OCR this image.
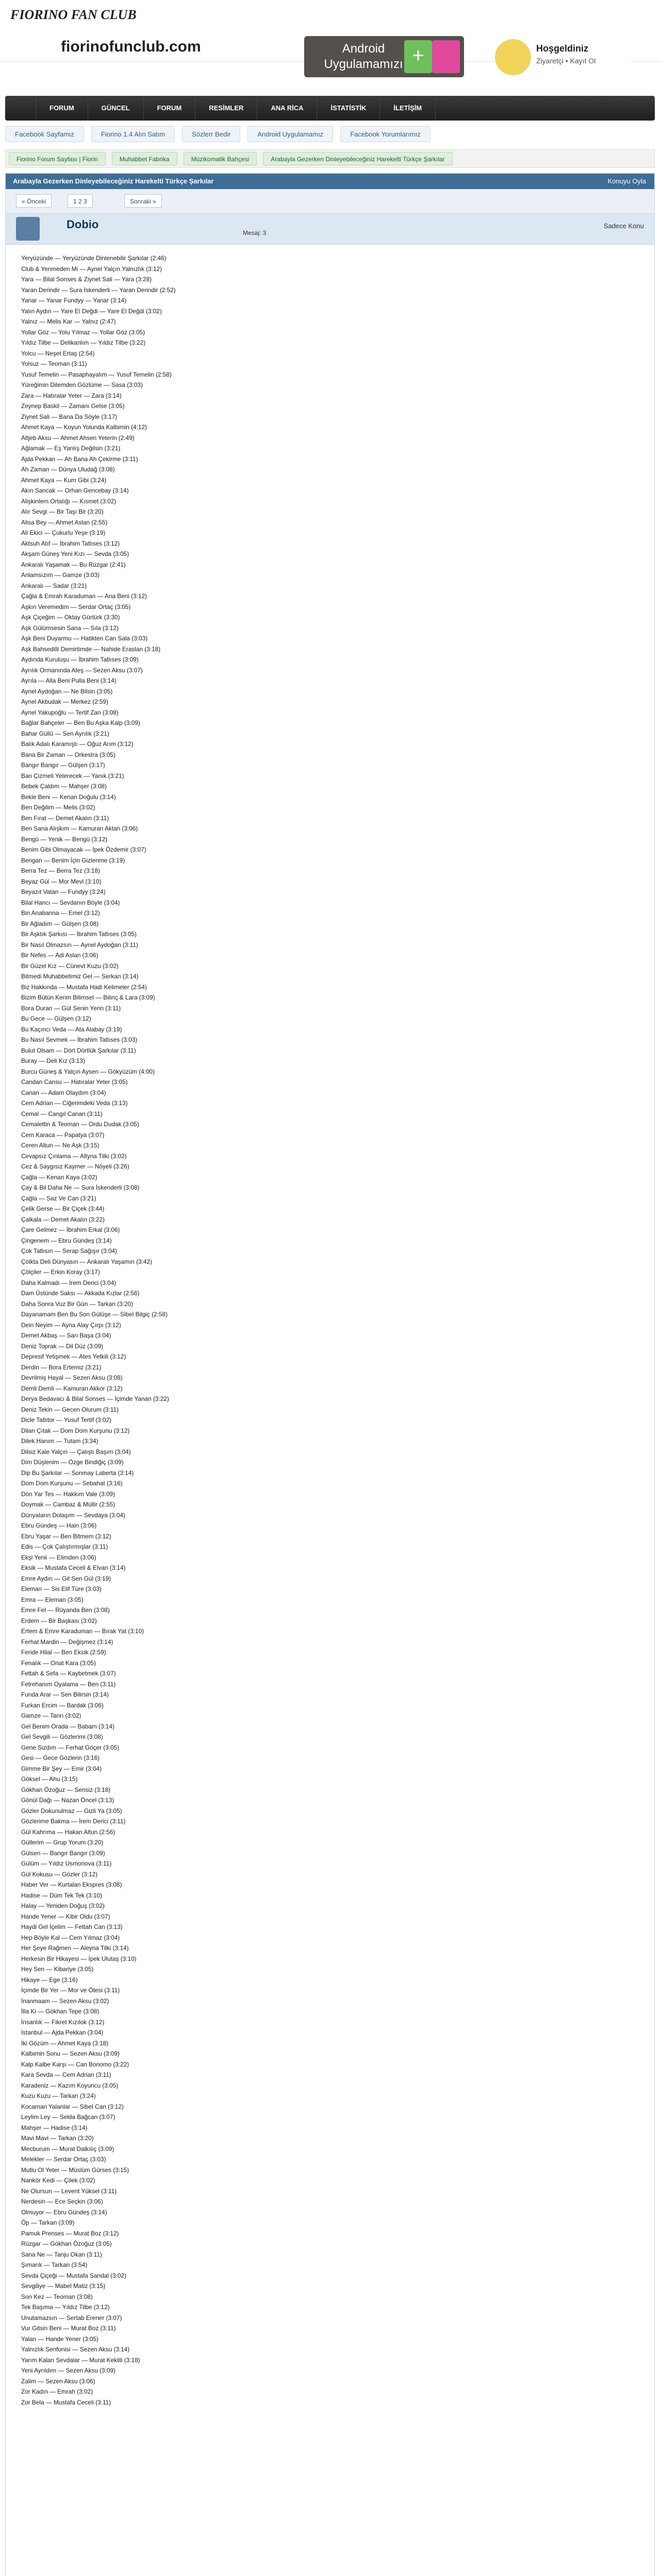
FIORINO FAN CLUB
fiorinofunclub.com	Android Uygulamamızı +	Hoşgeldiniz
Ziyaretçi • Kayıt Ol
FORUM	GÜNCEL	FORUM	RESİMLER	ANA RİCA	İSTATİSTİK	İLETİŞİM
Facebook Sayfamız	Fiorino 1.4 Alın Satım	Sözlerr Bedir	Android Uygulamamız	Facebook Yorumlarımız
Fiorino Forum Sayfası | Fiorin	Muhabbet Fabrika	Müzikomatik Bahçesi	Arabayla Gezerken Dinleyebileceğiniz Harekelti Türkçe Şarkılar
Arabayla Gezerken Dinleyebileceğiniz Harekelti Türkçe Şarkılar	Konuyu Oyla
« Önceki	1 2 3	Sonraki »
Dobio
Mesaj: 3
Sadece Konu
Yeryüzünde — Yeryüzünde Dinlenebilir Şarkılar (2:46)
Club & Yenmeden Mi — Aynel Yalçın Yalnızlık (3:12)
Yara — Bilal Sonses & Ziynet Sali — Yara (3:28)
Yaran Derindir — Sura İskenderli — Yaran Derindir (2:52)
Yanar — Yanar Fundyy — Yanar (3:14)
Yalın Aydın — Yare El Değdi — Yare El Değdi (3:02)
Yalnız — Melis Kar — Yalnız (2:47)
Yollar Göz — Yolu Yılmaz — Yollar Göz (3:05)
Yıldız Tilbe — Delikanlım — Yıldız Tilbe (3:22)
Yolcu — Neşet Ertaş (2:54)
Yolsuz — Teoman (3:11)
Yusuf Temelin — Pasaphayalım — Yusuf Temelin (2:58)
Yüreğimin Dilemden Gözlüme — Sasa (3:03)
Zara — Hatıralar Yeter — Zara (3:14)
Zeynep Baskil — Zamanı Gelse (3:05)
Ziynet Sali — Bana Da Söyle (3:17)
Ahmet Kaya — Koyun Yolunda Kalbimin (4:12)
Altjeb Aksu — Ahmet Ahsen Yeterin (2:49)
Ağlamak — Eş Yanlış Değilsin (3:21)
Ajda Pekkan — Ah Bana Ah Çekirme (3:11)
Ah Zaman — Dünya Uludağ (3:08)
Ahmet Kaya — Kum Gibi (3:24)
Akın Sancak — Orhan Gencebay (3:14)
Alişkinlem Ortalığı — Kısmet (3:02)
Alır Sevgi — Bir Taşı Bir (3:20)
Alisa Bey — Ahmet Aslan (2:55)
Ali Ekici — Çukurlu Yeşe (3:19)
Aktsuh Atıf — İbrahim Tatlıses (3:12)
Akşam Güneş Yeni Kızı — Sevda (3:05)
Ankaralı Yaşamak — Bu Rüzgar (2:41)
Anlamsızım — Gamze (3:03)
Ankaralı — Sadar (3:21)
Çağla & Emrah Karaduman — Ana Beni (3:12)
Aşkın Veremedim — Serdar Ortaç (3:05)
Aşk Çiçeğim — Oktay Gürtürk (3:30)
Aşk Gülümsesin Sana — Sıla (3:12)
Aşk Beni Duyarmu — Hatikten Can Sala (3:03)
Aşk Bahsedilli Demirtimde — Nahide Eraslan (3:18)
Aydında Kuruluşu — İbrahim Tatlıses (3:09)
Ayrılık Ormanında Ateş — Sezen Aksu (3:07)
Ayrıla — Alla Beni Pulla Beni (3:14)
Aynel Aydoğan — Ne Bilsin (3:05)
Aynel Akbudak — Merkez (2:59)
Aynel Yakupoğlu — Tertif Zan (3:08)
Bağlar Bahçeler — Ben Bu Aşka Kalp (3:09)
Bahar Güllü — Sen Ayrılık (3:21)
Balık Adalı Karamıştı — Oğuz Arım (3:12)
Bana Bir Zaman — Orkestra (3:05)
Bangır Bangır — Gülşen (3:17)
Ban Çizmeli Yeterecek — Yanık (3:21)
Bebek Çaldım — Mahşer (3:08)
Bekle Beni — Kenan Doğulu (3:14)
Ben Değilim — Melis (3:02)
Ben Fırat — Demet Akalın (3:11)
Ben Sana Alışkım — Kamuran Aktan (3:06)
Bengü — Yenik — Bengü (3:12)
Benim Gibi Olmayacak — İpek Özdemir (3:07)
Bengan — Benim İçin Gizlenme (3:19)
Berra Tez — Berra Tez (3:18)
Beyaz Gül — Mor Mevl (3:10)
Beyazıt Vatan — Fundyy (3:24)
Bilal Hancı — Sevdanın Böyle (3:04)
Bin Anabanna — Emel (3:12)
Bir Ağladım — Gülşen (3:08)
Bir Aşktık Şarkısı — İbrahim Tatlıses (3:05)
Bir Nasıl Olmazsın — Aynel Aydoğan (3:11)
Bir Nefes — Adi Aslan (3:06)
Bir Güzel Kız — Cünevt Kuzu (3:02)
Bitmedi Muhabbetimiz Gel — Serkan (3:14)
Biz Hakkında — Mustafa Hadi Kelimeler (2:54)
Bizim Bütün Kerim Bilimsel — Bilinç & Lara (3:09)
Bora Duran — Gül Senin Yerin (3:11)
Bu Gece — Gülşen (3:12)
Bu Kaçıncı Veda — Ata Alabay (3:19)
Bu Nasıl Sevmek — İbrahim Tatlıses (3:03)
Bulut Olsam — Dört Dörtlük Şarkılar (3:11)
Buray — Deli Kız (3:13)
Burcu Güneş & Yalçın Aysen — Gökyüzüm (4:00)
Candan Cansu — Hatıralar Yeter (3:05)
Canan — Adam Olaydım (3:04)
Cem Adrian — Ciğerimdeki Veda (3:13)
Cemal — Cangıl Canan (3:11)
Cemalettin & Teoman — Ordu Dudak (3:05)
Cem Karaca — Papatya (3:07)
Ceren Altun — Ne Aşk (3:15)
Cevapsız Çınlama — Altyna Tilki (3:02)
Cez & Saygısız Kaymer — Nöyeli (3:26)
Çağla — Kenan Kaya (3:02)
Çay & Bil Daha Ne — Sura İskenderli (3:08)
Çağla — Saz Ve Can (3:21)
Çelik Gerse — Bir Çiçek (3:44)
Çalkala — Demet Akalın (3:22)
Çare Gelmez — İbrahim Erkal (3:06)
Çingenem — Ebru Gündeş (3:14)
Çok Tatlısın — Serap Sağışır (3:04)
Çölkta Deli Dünyasın — Ankaralı Yaşamın (3:42)
Çölçiler — Erkin Koray (3:17)
Daha Kalmadı — İrem Derici (3:04)
Dam Üstünde Saksı — Akkada Kızlar (2:56)
Daha Sonra Vuz Bir Gün — Tarkan (3:20)
Dayanamam Ben Bu Son Gülüşe — Sibel Bilgiç (2:58)
Dein Neyim — Ayna Alay Çırpı (3:12)
Demet Akbaş — Sarı Başa (3:04)
Deniz Toprak — Dil Düz (3:09)
Depresif Yetişmek — Ates Yetkili (3:12)
Derdin — Bora Ertemiz (3:21)
Devrilmiş Hayal — Sezen Aksu (3:08)
Demli Demli — Kamuran Akkor (3:12)
Derya Bedavacı & Bilal Sonses — İçimde Yanan (3:22)
Deniz Tekin — Gecen Olurum (3:11)
Dicle Tatlıtor — Yusuf Tertif (3:02)
Dilan Çıtak — Dom Dom Kurşunu (3:12)
Dilek Hanım — Tutam (3:34)
Dilsiz Kale Yalçın — Çalıştı Başım (3:04)
Dim Düşlenim — Özge Bindiğiç (3:09)
Dip Bu Şarkılar — Sonmay Laberta (3:14)
Dom Dom Kurşunu — Sebahat (3:16)
Dön Yar Tes — Hakkım Vale (3:09)
Doymak — Cambaz & Müllir (2:55)
Dünyaların Dolaşım — Sevdaya (3:04)
Ebru Gündeş — Hain (3:06)
Ebru Yaşar — Ben Bitmem (3:12)
Edis — Çok Çalıştırmışlar (3:11)
Ekşi Yenii — Elimden (3:06)
Eksik — Mustafa Ceceli & Elvan (3:14)
Emre Aydın — Git Sen Gül (3:19)
Eleman — Sis Elif Türe (3:03)
Emra — Eleman (3:05)
Emre Fel — Rüyanda Ben (3:08)
Erdem — Bir Başkası (3:02)
Ertem & Emre Karaduman — Bırak Yat (3:10)
Ferhat Mardin — Değişmez (3:14)
Feride Hilal — Ben Eksik (2:59)
Fenalık — Onat Kara (3:05)
Fettah & Sefa — Kaybetmek (3:07)
Fetrehanım Oyalama — Ben (3:11)
Funda Arar — Sen Bilirsin (3:14)
Furkan Ercim — Bardak (3:06)
Gamze — Tanrı (3:02)
Gel Benim Orada — Babam (3:14)
Gel Sevgili — Gözlerimi (3:08)
Gene Sizdım — Ferhat Göçer (3:05)
Gesi — Gece Gözlerin (3:16)
Gimme Bir Şey — Emir (3:04)
Göksel — Ahu (3:15)
Gökhan Özoğuz — Sensiz (3:18)
Gönül Dağı — Nazan Öncel (3:13)
Gözler Dokunulmaz — Gizli Ya (3:05)
Gözlerime Bakma — İrem Derici (3:11)
Gül Kahrıma — Hakan Altun (2:56)
Güllerim — Grup Yorum (3:20)
Gülsen — Bangır Bangır (3:09)
Gülüm — Yıldız Usmonova (3:11)
Gül Kokusu — Gözler (3:12)
Haber Ver — Kurtalan Ekspres (3:08)
Hadise — Düm Tek Tek (3:10)
Halay — Yeniden Doğuş (3:02)
Hande Yener — Kibir Oldu (3:07)
Haydi Gel İçelim — Fettah Can (3:13)
Hep Böyle Kal — Cem Yılmaz (3:04)
Her Şeye Rağmen — Aleyna Tilki (3:14)
Herkesin Bir Hikayesi — İpek Ulutaş (3:10)
Hey Sen — Kibariye (3:05)
Hikaye — Ege (3:16)
İçimde Bir Yer — Mor ve Ötesi (3:11)
İnanmaam — Sezen Aksu (3:02)
İlla Ki — Gökhan Tepe (3:08)
İnsanlık — Fikret Kızılok (3:12)
İstanbul — Ajda Pekkan (3:04)
İki Gözüm — Ahmet Kaya (3:18)
Kalbimin Sonu — Sezen Aksu (3:09)
Kalp Kalbe Karşı — Can Bonomo (3:22)
Kara Sevda — Cem Adrian (3:11)
Karadeniz — Kazım Koyuncu (3:05)
Kuzu Kuzu — Tarkan (3:24)
Kocaman Yalanlar — Sibel Can (3:12)
Leylim Ley — Selda Bağcan (3:07)
Mahşer — Hadise (3:14)
Mavi Mavi — Tarkan (3:20)
Mecburum — Murat Dalkılıç (3:09)
Melekler — Serdar Ortaç (3:03)
Mutlu Ol Yeter — Müslüm Gürses (3:15)
Nankör Kedi — Çilek (3:02)
Ne Olursun — Levent Yüksel (3:11)
Nerdesin — Ece Seçkin (3:06)
Olmuyor — Ebru Gündeş (3:14)
Öp — Tarkan (3:09)
Pamuk Prenses — Murat Boz (3:12)
Rüzgar — Gökhan Özoğuz (3:05)
Sana Ne — Tanju Okan (3:11)
Şımarık — Tarkan (3:54)
Sevda Çiçeği — Mustafa Sandal (3:02)
Sevgiliye — Mabel Matiz (3:15)
Son Kez — Teoman (3:08)
Tek Başıma — Yıldız Tilbe (3:12)
Unutamazsın — Sertab Erener (3:07)
Vur Gitsin Beni — Murat Boz (3:11)
Yalan — Hande Yener (3:05)
Yalnızlık Senfonisi — Sezen Aksu (3:14)
Yarım Kalan Sevdalar — Murat Kekilli (3:18)
Yeni Ayrıldım — Sezen Aksu (3:09)
Zalim — Sezen Aksu (3:06)
Zor Kadın — Emrah (3:02)
Zor Bela — Mustafa Ceceli (3:11)
